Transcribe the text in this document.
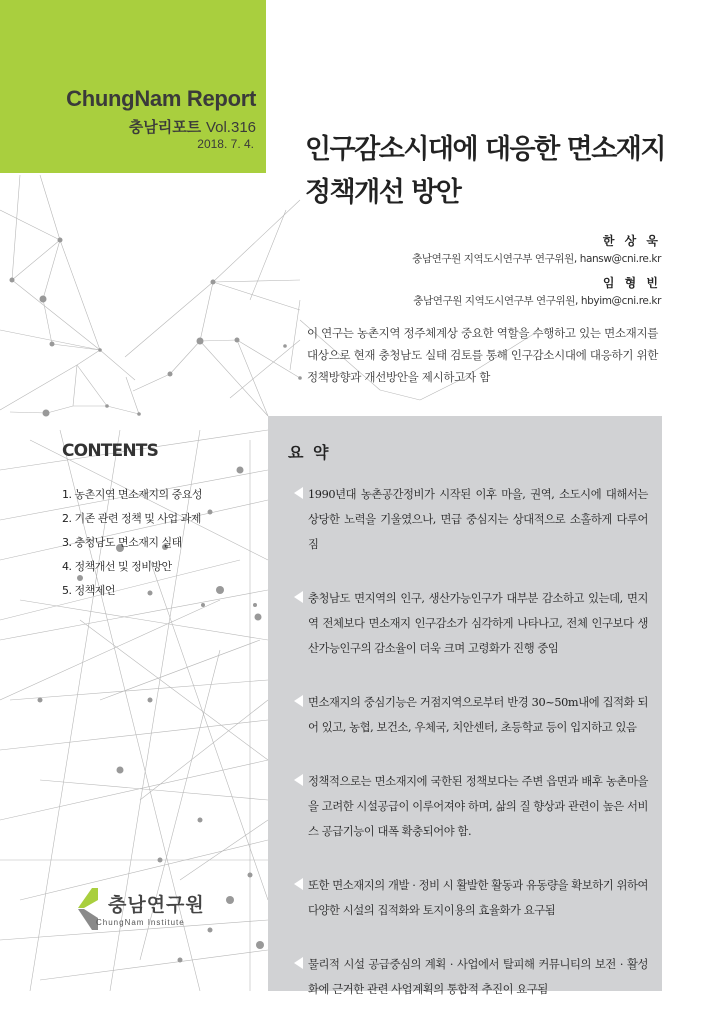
ChungNam Report
충남리포트 Vol.316
2018. 7. 4. 인구감소시대에 대응한 면소재지
정책개선 방안
한 상 욱
충남연구원 지역도시연구부 연구위원, hansw@cni.re.kr
임 형 빈
충남연구원 지역도시연구부 연구위원, hbyim@cni.re.kr
이 연구는 농촌지역 정주체계상 중요한 역할을 수행하고 있는 면소재지를 대상으로 현재 충청남도 실태 검토를 통해 인구감소시대에 대응하기 위한 정책방향과 개선방안을 제시하고자 함
CONTENTS
1. 농촌지역 면소재지의 중요성
2. 기존 관련 정책 및 사업 과제
3. 충청남도 면소재지 실태
4. 정책개선 및 정비방안
5. 정책제언
요 약
1990년대 농촌공간정비가 시작된 이후 마을, 권역, 소도시에 대해서는 상당한 노력을 기울였으나, 면급 중심지는 상대적으로 소홀하게 다루어짐
충청남도 면지역의 인구, 생산가능인구가 대부분 감소하고 있는데, 면지역 전체보다 면소재지 인구감소가 심각하게 나타나고, 전체 인구보다 생산가능인구의 감소율이 더욱 크며 고령화가 진행 중임
면소재지의 중심기능은 거점지역으로부터 반경 30~50m내에 집적화 되어 있고, 농협, 보건소, 우체국, 치안센터, 초등학교 등이 입지하고 있음
정책적으로는 면소재지에 국한된 정책보다는 주변 읍면과 배후 농촌마을을 고려한 시설공급이 이루어져야 하며, 삶의 질 향상과 관련이 높은 서비스 공급기능이 대폭 확충되어야 함.
또한 면소재지의 개발 · 정비 시 활발한 활동과 유동량을 확보하기 위하여 다양한 시설의 집적화와 토지이용의 효율화가 요구됨
물리적 시설 공급중심의 계획 · 사업에서 탈피해 커뮤니티의 보전 · 활성화에 근거한 관련 사업계획의 통합적 추진이 요구됨
충남연구원
ChungNam Institute
